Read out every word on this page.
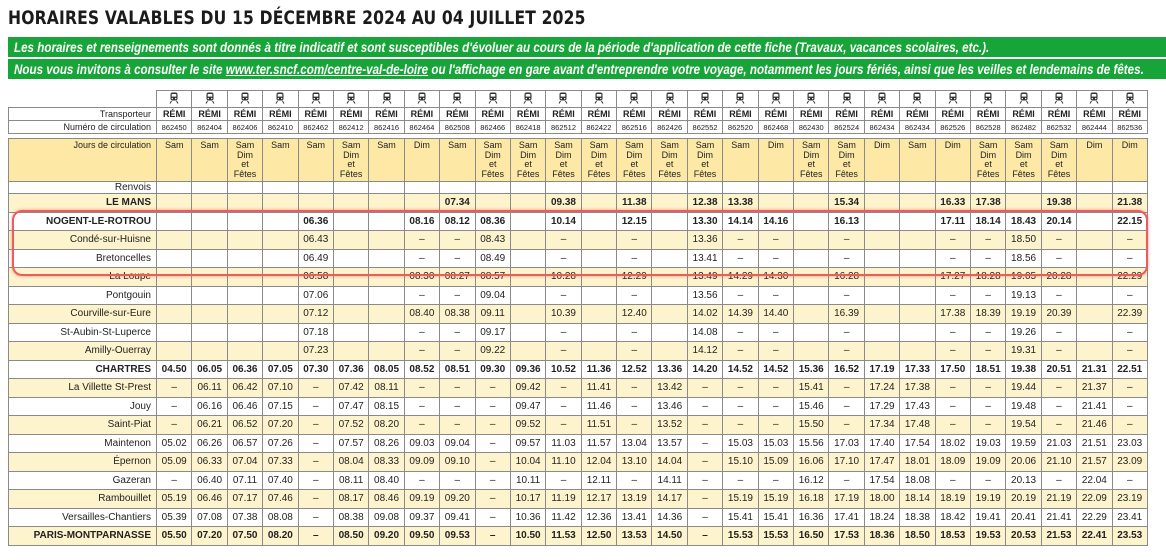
HORAIRES VALABLES DU 15 DÉCEMBRE 2024 AU 04 JUILLET 2025
Les horaires et renseignements sont donnés à titre indicatif et sont susceptibles d'évoluer au cours de la période d'application de cette fiche (Travaux, vacances scolaires, etc.).
Nous vous invitons à consulter le site www.ter.sncf.com/centre-val-de-loire ou l'affichage en gare avant d'entreprendre votre voyage, notamment les jours fériés, ainsi que les veilles et lendemains de fêtes.

Transporteur	RÉMI	RÉMI	RÉMI	RÉMI	RÉMI	RÉMI	RÉMI	RÉMI	RÉMI	RÉMI	RÉMI	RÉMI	RÉMI	RÉMI	RÉMI	RÉMI	RÉMI	RÉMI	RÉMI	RÉMI	RÉMI	RÉMI	RÉMI	RÉMI	RÉMI	RÉMI	RÉMI	RÉMI
Numéro de circulation	862450	862404	862406	862410	862462	862412	862416	862464	862508	862466	862418	862512	862422	862516	862426	862552	862520	862468	862430	862524	862434	862434	862526	862528	862482	862532	862444	862536

Jours de circulation	Sam	Sam	Sam
Dim
et
Fêtes	Sam	Sam	Sam
Dim
et
Fêtes	Sam	Dim	Sam	Sam
Dim
et
Fêtes	Sam
Dim
et
Fêtes	Sam
Dim
et
Fêtes	Sam
Dim
et
Fêtes	Sam
Dim
et
Fêtes	Sam
Dim
et
Fêtes	Sam
Dim
et
Fêtes	Sam	Dim	Sam
Dim
et
Fêtes	Sam
Dim
et
Fêtes	Dim	Sam	Dim	Sam
Dim
et
Fêtes	Sam
Dim
et
Fêtes	Sam
Dim
et
Fêtes	Dim	Dim

Renvois																												
LE MANS									07.34			09.38		11.38		12.38	13.38			15.34			16.33	17.38		19.38		21.38
NOGENT-LE-ROTROU					06.36			08.16	08.12	08.36		10.14		12.15		13.30	14.14	14.16		16.13			17.11	18.14	18.43	20.14		22.15
Condé-sur-Huisne					06.43			–	–	08.43		–		–		13.36	–	–		–			–	–	18.50	–		–
Bretoncelles					06.49			–	–	08.49		–		–		13.41	–	–		–			–	–	18.56	–		–
La Loupe					06.58			08.30	08.27	08.57		10.28		12.29		13.49	14.29	14.30		16.28			17.27	18.28	19.05	20.28		22.29
Pontgouin					07.06			–	–	09.04		–		–		13.56	–	–		–			–	–	19.13	–		–
Courville-sur-Eure					07.12			08.40	08.38	09.11		10.39		12.40		14.02	14.39	14.40		16.39			17.38	18.39	19.19	20.39		22.39
St-Aubin-St-Luperce					07.18			–	–	09.17		–		–		14.08	–	–		–			–	–	19.26	–		–
Amilly-Ouerray					07.23			–	–	09.22		–		–		14.12	–	–		–			–	–	19.31	–		–
CHARTRES	04.50	06.05	06.36	07.05	07.30	07.36	08.05	08.52	08.51	09.30	09.36	10.52	11.36	12.52	13.36	14.20	14.52	14.52	15.36	16.52	17.19	17.33	17.50	18.51	19.38	20.51	21.31	22.51
La Villette St-Prest	–	06.11	06.42	07.10	–	07.42	08.11	–	–	–	09.42	–	11.41	–	13.42	–	–	–	15.41	–	17.24	17.38	–	–	19.44	–	21.37	–
Jouy	–	06.16	06.46	07.15	–	07.47	08.15	–	–	–	09.47	–	11.46	–	13.46	–	–	–	15.46	–	17.29	17.43	–	–	19.48	–	21.41	–
Saint-Piat	–	06.21	06.52	07.20	–	07.52	08.20	–	–	–	09.52	–	11.51	–	13.52	–	–	–	15.50	–	17.34	17.48	–	–	19.54	–	21.46	–
Maintenon	05.02	06.26	06.57	07.26	–	07.57	08.26	09.03	09.04	–	09.57	11.03	11.57	13.04	13.57	–	15.03	15.03	15.56	17.03	17.40	17.54	18.02	19.03	19.59	21.03	21.51	23.03
Épernon	05.09	06.33	07.04	07.33	–	08.04	08.33	09.09	09.10	–	10.04	11.10	12.04	13.10	14.04	–	15.10	15.09	16.06	17.10	17.47	18.01	18.09	19.09	20.06	21.10	21.57	23.09
Gazeran	–	06.40	07.11	07.40	–	08.11	08.40	–	–	–	10.11	–	12.11	–	14.11	–	–	–	16.12	–	17.54	18.08	–	–	20.13	–	22.04	–
Rambouillet	05.19	06.46	07.17	07.46	–	08.17	08.46	09.19	09.20	–	10.17	11.19	12.17	13.19	14.17	–	15.19	15.19	16.18	17.19	18.00	18.14	18.19	19.19	20.19	21.19	22.09	23.19
Versailles-Chantiers	05.39	07.08	07.38	08.08	–	08.38	09.08	09.37	09.41	–	10.36	11.42	12.36	13.41	14.36	–	15.41	15.41	16.36	17.41	18.24	18.38	18.42	19.41	20.41	21.41	22.29	23.41
PARIS-MONTPARNASSE	05.50	07.20	07.50	08.20	–	08.50	09.20	09.50	09.53	–	10.50	11.53	12.50	13.53	14.50	–	15.53	15.53	16.50	17.53	18.36	18.50	18.53	19.53	20.53	21.53	22.41	23.53
